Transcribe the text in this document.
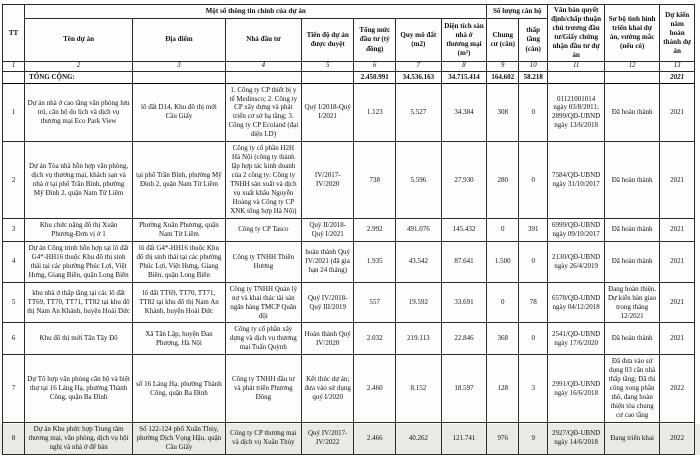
TT	Một số thông tin chính của dự án							Số lượng căn hộ		Văn bản quyết định/chấp thuận chủ trương đầu tư/Giấy chứng nhận đầu tư dự án	Sơ bộ tình hình triển khai dự án, vướng mắc (nếu có)	Dự kiến năm hoàn thành dự án
	Tên dự án	Địa điểm	Nhà đầu tư	Tiến độ dự án được duyệt	Tổng mức đầu tư (tỷ đồng)	Quy mô đất (m2)	Diện tích sàn nhà ở thương mại (m²)	Chung cư (căn)	thấp tầng (căn)			
1	2	3	4	5	6	7	8	9	10	11	12	13
	TỔNG CỘNG:				2.450.991	34.536.163	34.715.414	164.602	58.218			2021
1	Dự án nhà ở cao tầng văn phòng lưu trú, căn hộ du lịch và dịch vụ thương mại Eco Park View	lô đất D14, Khu đô thị mới Cầu Giấy	1. Công ty CP thiết bị y tế Medinsco; 2. Công ty CP xây dựng và phát triển cơ sở hạ tầng; 3. Công ty CP Ecoland (đại diện LD)	Quý I/2018-Quý I/2021	1.123	5.527	34.384	308	0	01121001014 ngày 03/8/2011; 2899/QĐ-UBND ngày 13/6/2018	Đã hoàn thành	2021
2	Dự án Tòa nhà hỗn hợp văn phòng, dịch vụ thương mại, khách sạn và nhà ở tại phố Trần Bình, phường Mỹ Đình 2, quận Nam Từ Liêm	tại phố Trần Bình, phường Mỹ Đình 2, quận Nam Từ Liêm	Công ty cổ phần H2H Hà Nội (công ty thành lập hợp tác kinh doanh của 2 công ty: Công ty TNHH sản xuất và dịch vụ xuất khẩu Nguyễn Hoàng và Công ty CP XNK tổng hợp Hà Nội)	IV/2017-IV/2020	738	5.596	27.930	280	0	7584/QĐ-UBND ngày 31/10/2017	Đã hoàn thành	2021
3	Khu chức năng đô thị Xuân Phương-Đơn vị ở 1	Phường Xuân Phương, quận Nam Từ Liêm	Công ty CP Tasco	Quý II/2018-Quý I/2021	2.992	491.076	145.432	0	391	6999/QĐ-UBND ngày 09/10/2017	Đã hoàn thành	2021
4	Dự án Công trình hỗn hợp tại lô đất G4*-HH16 thuộc Khu đô thị sinh thái tại các phường Phúc Lợi, Việt Hưng, Giang Biên, quận Long Biên	lô đất G4*-HH16 thuộc Khu đô thị sinh thái tại các phường Phúc Lợi, Việt Hưng, Giang Biên, quận Long Biên	Công ty TNHH Thiên Hương	hoàn thành Quý IV/2021 (đã gia hạn 24 tháng)	1.935	43.542	87.641	1.500	0	2130/QĐ-UBND ngày 26/4/2019	Đã hoàn thành	2021
5	khu nhà ở thấp tầng tại các lô đất TT69, TT70, TT71, TT82 tại khu đô thị Nam An Khánh, huyện Hoài Đức	lô đất TT69, TT70, TT71, TT82 tại khu đô thị Nam An Khánh, huyện Hoài Đức	Công ty TNHH Quản lý nợ và khai thác tài sản ngân hàng TMCP Quân đội	Quý IV/2018-Quý III/2019	557	19.592	33.691	0	78	6578/QĐ-UBND ngày 04/12/2018	Đang hoàn thiện. Dự kiến bàn giao trong tháng 12/2021	2021
6	Khu đô thị mới Tân Tây Đô	Xã Tân Lập, huyện Đan Phượng, Hà Nội	Công ty cổ phần xây dựng và dịch vụ thương mại Tuấn Quỳnh	Hoàn thành Quý IV/2020	2.032	219.113	22.846	368	0	2541/QĐ-UBND ngày 17/6/2020	Đã hoàn thành	2021
7	Dự Tổ hợp văn phòng căn hộ và biệt thự tại 16 Láng Hạ, phường Thành Công, quận Ba Đình	số 16 Láng Hạ, phường Thành Công, quận Ba Đình	Công ty TNHH đầu tư và phát triển Phương Đông	Kết thúc dự án; đưa vào sử dụng quý I/2020	2.460	8.152	18.597	128	3	2991/QĐ-UBND ngày 16/6/2018	Đã đưa vào sử dụng 03 căn nhà thấp tầng; Đã thi công xong phần thô, đang hoàn thiện tòa chung cư cao tầng	2022
8	Dự án Khu phức hợp Trung tâm thương mại, văn phòng, dịch vụ hội nghị và nhà ở để bán	Số 122-124 phố Xuân Thủy, phường Dịch Vọng Hậu, quận Cầu Giấy	Công ty CP thương mại và dịch vụ Xuân Thủy	Quý IV/2017-IV/2022	2.466	40.262	121.741	976	9	2927/QĐ-UBND ngày 14/6/2018	Đang triển khai	2022
